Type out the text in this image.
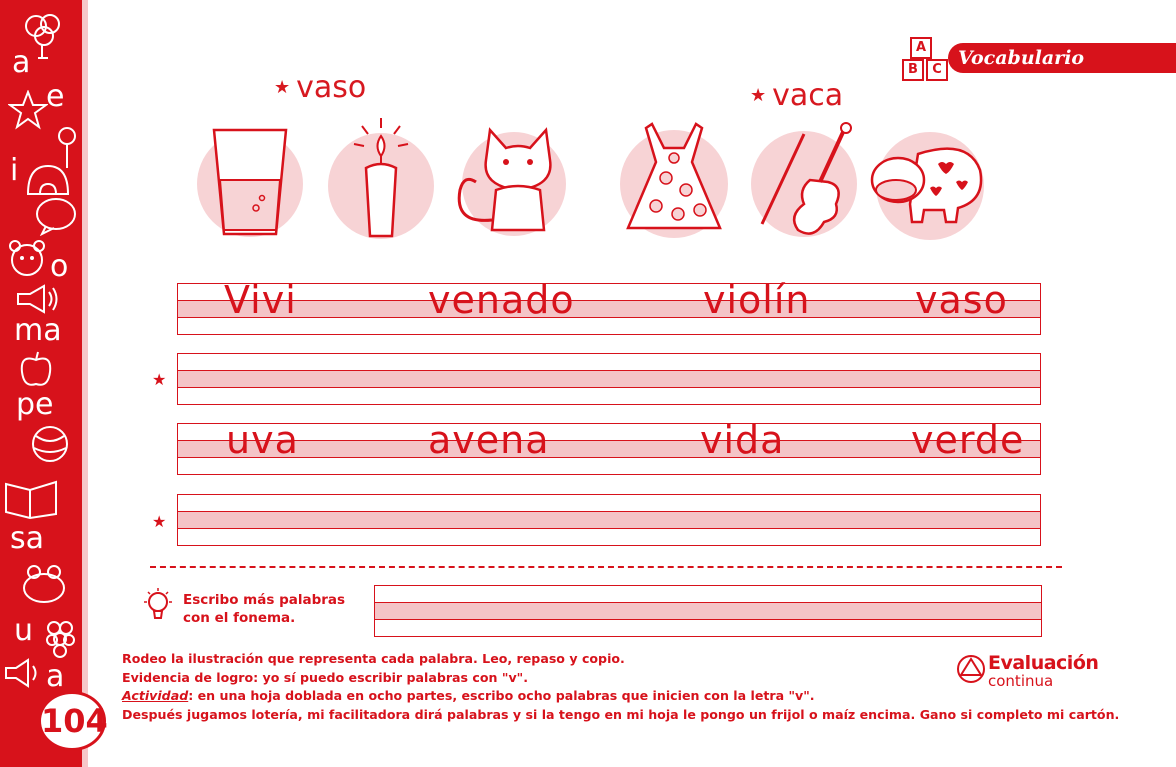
a
e
i
o
ma
pe
sa
u
a
104
A
B	C
Vocabulario
★ vaso	★ vaca
Vivi	venado	violín	vaso
★
uva	avena	vida	verde
★
Escribo más palabras con el fonema.
Rodeo la ilustración que representa cada palabra. Leo, repaso y copio.
Evidencia de logro: yo sí puedo escribir palabras con "v".
Actividad: en una hoja doblada en ocho partes, escribo ocho palabras que inicien con la letra "v".
Después jugamos lotería, mi facilitadora dirá palabras y si la tengo en mi hoja le pongo un frijol o maíz encima. Gano si completo mi cartón.
Evaluación
continua
